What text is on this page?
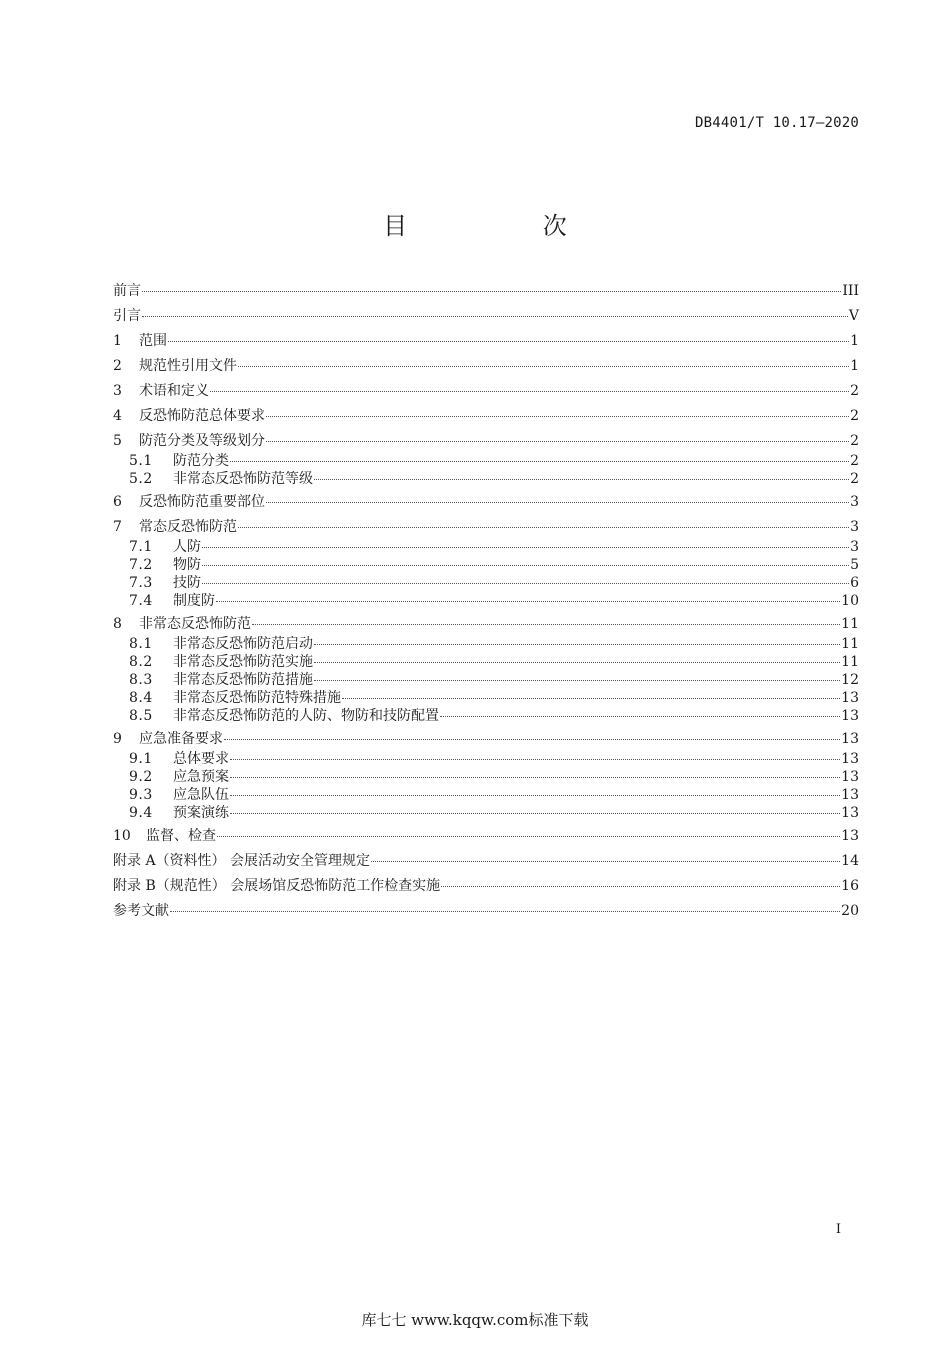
DB4401/T 10.17—2020
目 次
前言	III
引言	V
1	范围	1
2	规范性引用文件	1
3	术语和定义	2
4	反恐怖防范总体要求	2
5	防范分类及等级划分	2
5.1	防范分类	2
5.2	非常态反恐怖防范等级	2
6	反恐怖防范重要部位	3
7	常态反恐怖防范	3
7.1	人防	3
7.2	物防	5
7.3	技防	6
7.4	制度防	10
8	非常态反恐怖防范	11
8.1	非常态反恐怖防范启动	11
8.2	非常态反恐怖防范实施	11
8.3	非常态反恐怖防范措施	12
8.4	非常态反恐怖防范特殊措施	13
8.5	非常态反恐怖防范的人防、物防和技防配置	13
9	应急准备要求	13
9.1	总体要求	13
9.2	应急预案	13
9.3	应急队伍	13
9.4	预案演练	13
10	监督、检查	13
附录 A（资料性） 会展活动安全管理规定	14
附录 B（规范性） 会展场馆反恐怖防范工作检查实施	16
参考文献	20
I
库七七 www.kqqw.com标准下载
